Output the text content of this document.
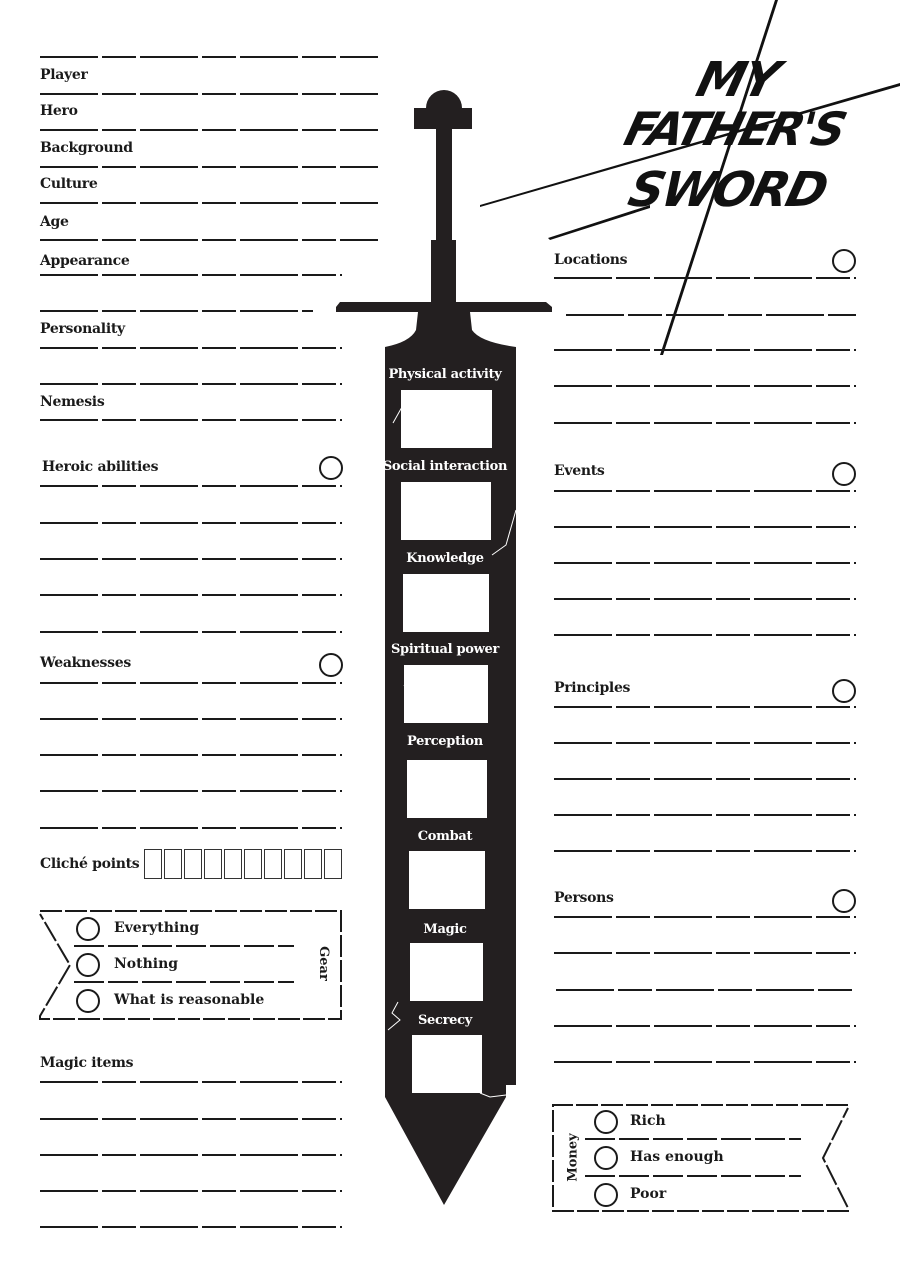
MY
FATHER'S
SWORD
Player
Hero
Background
Culture
Age
Appearance
Personality
Nemesis
Heroic abilities
Weaknesses
Cliché points
Everything
Nothing
What is reasonable
Gear
Magic items
Physical activity
Social interaction
Knowledge
Spiritual power
Perception
Combat
Magic
Secrecy
Locations
Events
Principles
Persons
Money
Rich
Has enough
Poor
